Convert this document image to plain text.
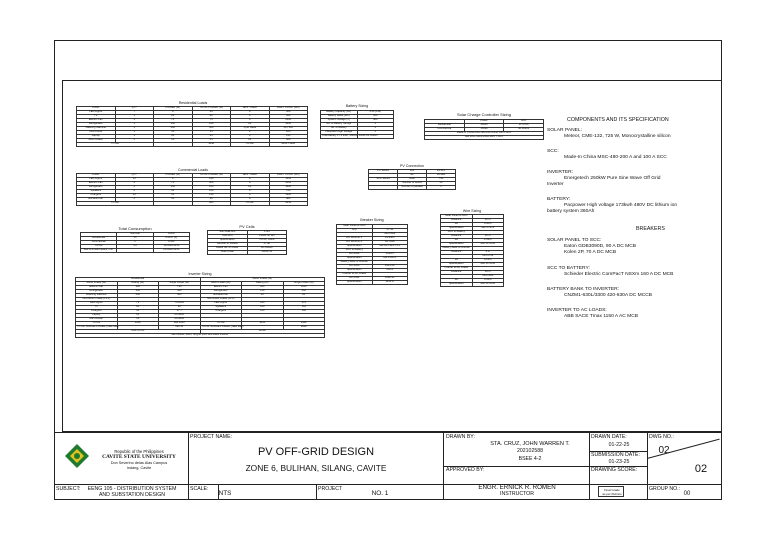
Residential Loads
LOAD	QTY	POWER (W)	TOTAL POWER (W)	HRS. USED	DAILY CONS. (Wh)
LED Lights	7	9	63	6	360
TV	1	80	80	4	320
Electric Fan	3	75	75	6	2160
Refrigerator	1	150	150	24	3600
Washing Machine	1	500	500	1 per week	30.7142
Cell Phone	3	15	15	2	180
Laptop	1	65	65	3	195
Rice Cooker	1	15	15	24	360
TOTAL			1058	TOTAL	9450.71428
Commercial Loads
LOAD	QTY	POWER (W)	TOTAL POWER (W)	HRS. USED	DAILY CONS. (Wh)
LED Lights	16	9	144	8	1152
Electric Fan	4	75	300	8	2400
Refrigerator	1	150	150	24	3600
Speakers	2	60	120	6	720
Chargers	10	15	150	8	1200
Exhaust Fan	2	30	60	8	480
TOTAL			924	TOTAL	9552
Total Consumption
	Nominal	100%
Residential	15	8.0117 (4)
Commercial	1	9,552
TOTAL	5.0	19,0028.2256
Due to limited space, min.		20,0028.6256
PV Cells
Sun Peak Hrs	5 hrs
Total W/h	19028.58 Wh
Specification	725 W, mono
Number of Panels	17.48
Rated No. of Panel	18 Panels
Total Power	13050 W
Battery Sizing
Battery Capacity (Ah)	3.53 (x10)
Battery Watts (Wh)	360
System Voltage (V)	480
No. of Battery Strings	1
No. of Battery	1
Pacpower High Voltage	1
Total Battery 17.3 kWh, 480Vdc LiFePO4 360Ah	
Solar Charge Controller Sizing
	Power	SCC
Residential	15625	97 870A
Commercial	15528	96.63333
Made-In China MSC-480-200 A and 100 A SCC		
use MSC-480V-200A MPPT SCC		
PV Connection
PV Series	Voc	49.35V
	Isc	18.48A
SCC Series	Imax	750
	Number of series	14
	Number of parallel	1
Breaker Sizing
Solar Panel to SCC	
Imp	17.43
	222.8593
DC MCB w/ 1	41.9585
DC MCB w/ 2	62.7838
Specification	use 90 A and 70 A
SCC to Battery	
DC MCB	1018.5
Specification	use 1500 A
Battery Bank to Inverter	
DC MCB	2041.56
Specification	600 A
Inverter to AC Loads	
AC MCB	1088.91
Specification	1150 A
Wire Sizing
Solar Panel to SCC	
Distance	10 m
VD	0.10%
Specification	use 4 mm2
SCC to Battery	
Distance	10 m
VD	1.03%
Specification	use 16 mm2
Battery Bank to Inverter	
Distance	5 m
	616.6753
VD	0.23%
Specification	use 16 mm2
Inverter to AC Loads	
Distance	10 m
	630.2000
VD	0.14%
Specification	use 16 mm2
Inverter Sizing
Residential			Motor Loads (W)		
Motor Loads (W)	Rating (W)	Surge Power (W)	Motor Loads (W)	Rating (W)	Surge Power (W)
Electric Fan	300	730	Electric Fan	300	1120
Refrigerator	150	450	Refrigerator	150	450
Washing Machine	500	400	Exhaust Fan	60	80
Non-Motor Loads (x1.2)			Non-Motor Loads (x1.2)		
LED Lights	73	75.6000	LED Lights	144	172
TV	80	90	Speakers	120	144
Chargers	45	57.7	Chargers	150	180
Laptop	65	65.4000			
WiFi Router	15	23.4000			
TOTAL	1058	990.3000	TOTAL	1041	2442
TOTAL SURGE POWER (Take Max)		990.50	TOTAL SURGE POWER (Take Max)		2848
SUBTOTAL			11668		
use 250kW, 480V, off-grid pure sine wave inverter					
COMPONENTS AND ITS SPECIFICATION
SOLAR PANEL:
Meteor, CME-132, 725 W, Monocrystalline silicon
SCC:
Made-In China MSC-480-200 A and 100 A SCC
INVERTER:
Energetech 250kW Pure Sine Wave Off Grid
Inverter
BATTERY:
Pacpower High voltage 173kwh 480V DC lithium ion
battery system 360Ah
BREAKERS
SOLAR PANEL TO SCC:
Eaton GDB3090D, 90 A DC MCB
Kolen 2P, 70 A DC MCB
SCC TO BATTERY:
Schieder Electric ComPacT NSXm 160 A DC MCB
BATTERY BANK TO INVERTER:
CNZM1-630L/3300 420-630A DC MCCB
INVERTER TO AC LOADS:
ABB SACE Tmax 1150 A AC MCB
Republic of the Philippines
CAVITE STATE UNIVERSITY
Don Severino delas Alas Campus
Indang, Cavite
PROJECT NAME:
PV OFF-GRID DESIGN
ZONE 6, BULIHAN, SILANG, CAVITE
DRAWN BY:
STA. CRUZ, JOHN WARREN T.
202102588
BSEE 4-2
APPROVED BY:
ENGR. ERNICK R. ROMEN
INSTRUCTOR
DRAWN DATE:
01-22-25
SUBMISSION DATE:
01-23-25
DRAWING SCORE:
Final Grade
as per Rubrics
DWG NO.:
02
02
SUBJECT:	EENG 105 - DISTRIBUTION SYSTEM
AND SUBSTATION DESIGN
SCALE:
NTS
PROJECT
NO. 1
GROUP NO.:
00
